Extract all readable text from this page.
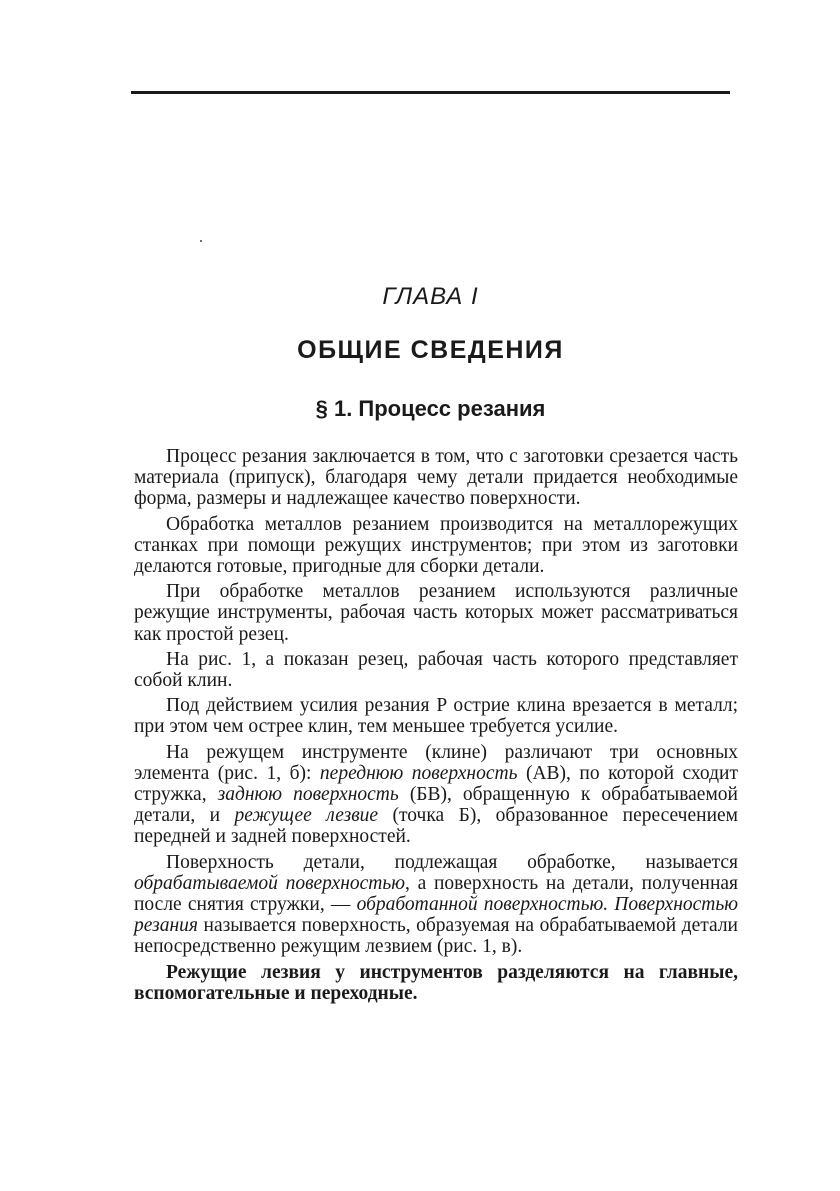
ГЛАВА I
ОБЩИЕ СВЕДЕНИЯ
§ 1. Процесс резания

Процесс резания заключается в том, что с заготовки срезается часть материала (припуск), благодаря чему детали придается необходимые форма, размеры и надлежащее качество поверхности.

Обработка металлов резанием производится на металлорежущих станках при помощи режущих инструментов; при этом из заготовки делаются готовые, пригодные для сборки детали.

При обработке металлов резанием используются различные режущие инструменты, рабочая часть которых может рассматриваться как простой резец.

На рис. 1, а показан резец, рабочая часть которого представляет собой клин.

Под действием усилия резания P острие клина врезается в металл; при этом чем острее клин, тем меньшее требуется усилие.

На режущем инструменте (клине) различают три основных элемента (рис. 1, б): переднюю поверхность (АВ), по которой сходит стружка, заднюю поверхность (БВ), обращенную к обрабатываемой детали, и режущее лезвие (точка Б), образованное пересечением передней и задней поверхностей.

Поверхность детали, подлежащая обработке, называется обрабатываемой поверхностью, а поверхность на детали, полученная после снятия стружки, — обработанной поверхностью. Поверхностью резания называется поверхность, образуемая на обрабатываемой детали непосредственно режущим лезвием (рис. 1, в).

Режущие лезвия у инструментов разделяются на главные, вспомогательные и переходные.
